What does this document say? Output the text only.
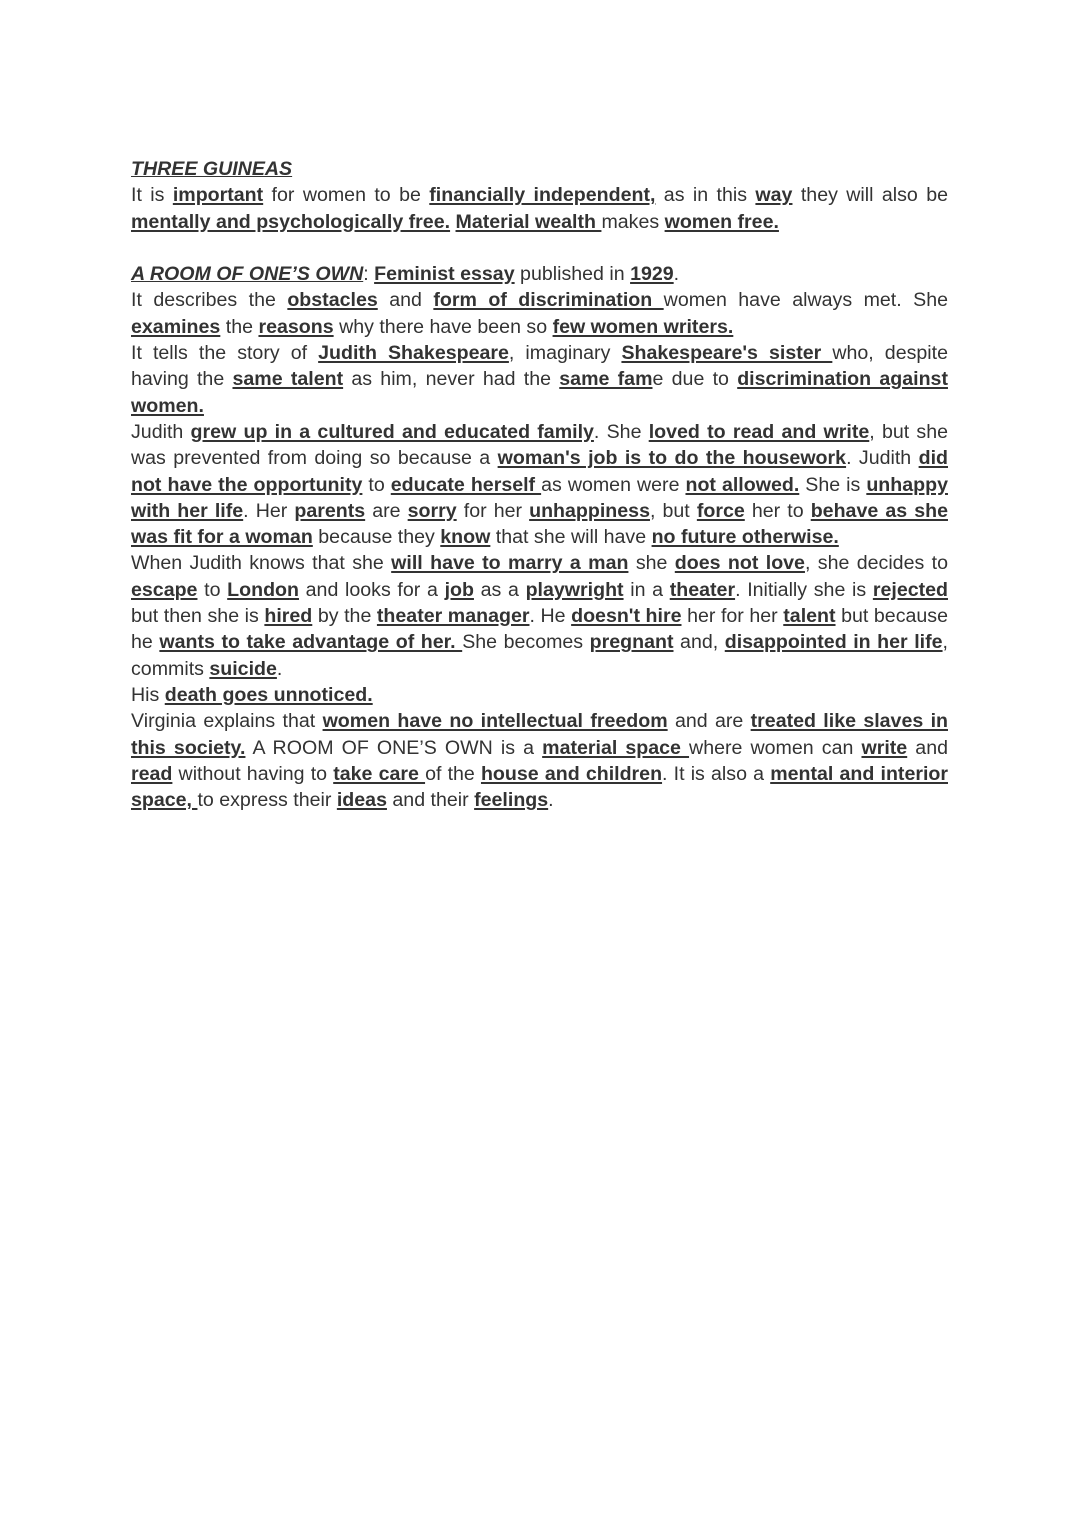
THREE GUINEAS

It is important for women to be financially independent, as in this way they will also be mentally and psychologically free. Material wealth makes women free.

A ROOM OF ONE’S OWN: Feminist essay published in 1929.

It describes the obstacles and form of discrimination women have always met. She examines the reasons why there have been so few women writers.

It tells the story of Judith Shakespeare, imaginary Shakespeare's sister who, despite having the same talent as him, never had the same fame due to discrimination against women.

Judith grew up in a cultured and educated family. She loved to read and write, but she was prevented from doing so because a woman's job is to do the housework. Judith did not have the opportunity to educate herself as women were not allowed. She is unhappy with her life. Her parents are sorry for her unhappiness, but force her to behave as she was fit for a woman because they know that she will have no future otherwise.

When Judith knows that she will have to marry a man she does not love, she decides to escape to London and looks for a job as a playwright in a theater. Initially she is rejected but then she is hired by the theater manager. He doesn't hire her for her talent but because he wants to take advantage of her. She becomes pregnant and, disappointed in her life, commits suicide.

His death goes unnoticed.

Virginia explains that women have no intellectual freedom and are treated like slaves in this society. A ROOM OF ONE’S OWN is a material space where women can write and read without having to take care of the house and children. It is also a mental and interior space, to express their ideas and their feelings.
